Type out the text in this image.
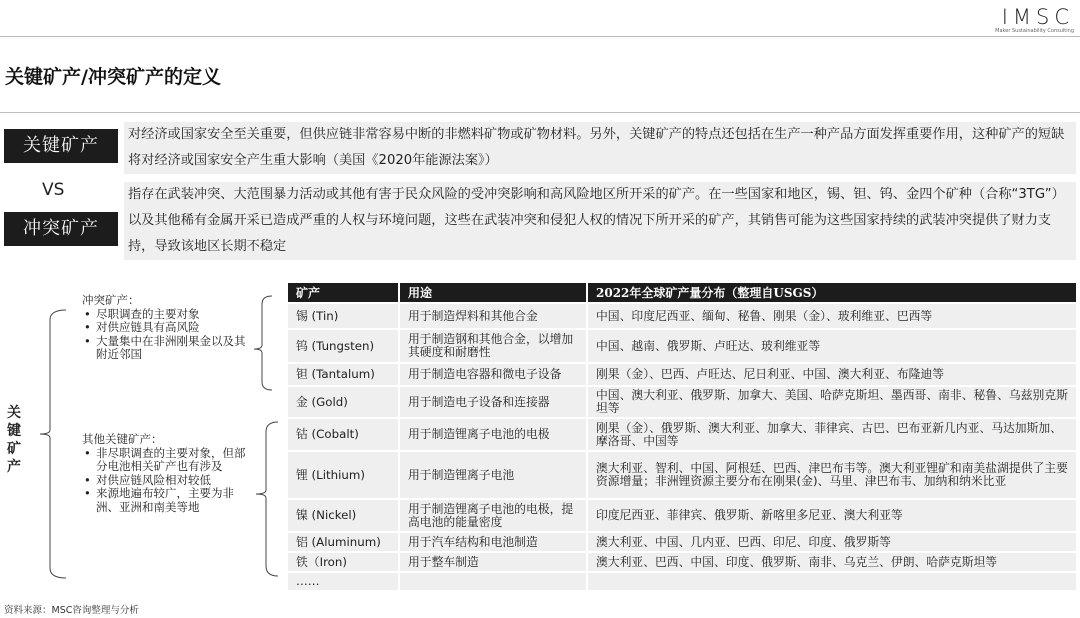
IMSC
Maker Sustainability Consulting
关键矿产/冲突矿产的定义
关键矿产
对经济或国家安全至关重要，但供应链非常容易中断的非燃料矿物或矿物材料。另外，关键矿产的特点还包括在生产一种产品方面发挥重要作用，这种矿产的短缺将对经济或国家安全产生重大影响（美国《2020年能源法案》）
VS
冲突矿产
指存在武装冲突、大范围暴力活动或其他有害于民众风险的受冲突影响和高风险地区所开采的矿产。在一些国家和地区，锡、钽、钨、金四个矿种（合称“3TG”）以及其他稀有金属开采已造成严重的人权与环境问题，这些在武装冲突和侵犯人权的情况下所开采的矿产，其销售可能为这些国家持续的武装冲突提供了财力支持，导致该地区长期不稳定
关键矿产
冲突矿产：
• 尽职调查的主要对象
• 对供应链具有高风险
• 大量集中在非洲刚果金以及其附近邻国
其他关键矿产：
• 非尽职调查的主要对象，但部分电池相关矿产也有涉及
• 对供应链风险相对较低
• 来源地遍布较广，主要为非洲、亚洲和南美等地
矿产	用途	2022年全球矿产量分布（整理自USGS）
锡 (Tin)	用于制造焊料和其他合金	中国、印度尼西亚、缅甸、秘鲁、刚果（金）、玻利维亚、巴西等
钨 (Tungsten)	用于制造钢和其他合金，以增加其硬度和耐磨性	中国、越南、俄罗斯、卢旺达、玻利维亚等
钽 (Tantalum)	用于制造电容器和微电子设备	刚果（金）、巴西、卢旺达、尼日利亚、中国、澳大利亚、布隆迪等
金 (Gold)	用于制造电子设备和连接器	中国、澳大利亚、俄罗斯、加拿大、美国、哈萨克斯坦、墨西哥、南非、秘鲁、乌兹别克斯坦等
钴 (Cobalt)	用于制造锂离子电池的电极	刚果（金）、俄罗斯、澳大利亚、加拿大、菲律宾、古巴、巴布亚新几内亚、马达加斯加、摩洛哥、中国等
锂 (Lithium)	用于制造锂离子电池	澳大利亚、智利、中国、阿根廷、巴西、津巴布韦等。澳大利亚锂矿和南美盐湖提供了主要资源增量；非洲锂资源主要分布在刚果(金)、马里、津巴布韦、加纳和纳米比亚
镍 (Nickel)	用于制造锂离子电池的电极，提高电池的能量密度	印度尼西亚、菲律宾、俄罗斯、新喀里多尼亚、澳大利亚等
铝 (Aluminum)	用于汽车结构和电池制造	澳大利亚、中国、几内亚、巴西、印尼、印度、俄罗斯等
铁（Iron)	用于整车制造	澳大利亚、巴西、中国、印度、俄罗斯、南非、乌克兰、伊朗、哈萨克斯坦等
……		
资料来源：MSC咨询整理与分析
